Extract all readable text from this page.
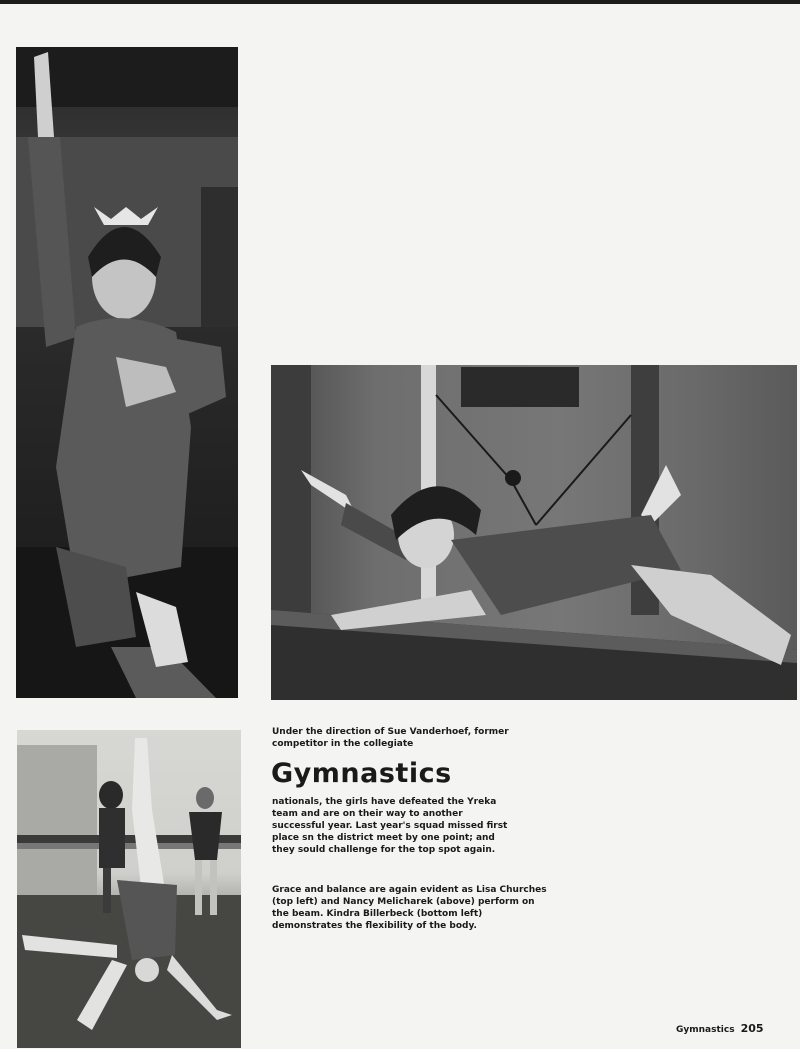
Under the direction of Sue Vanderhoef, former competitor in the collegiate
Gymnastics
nationals, the girls have defeated the Yreka team and are on their way to another successful year. Last year's squad missed first place sn the district meet by one point; and they sould challenge for the top spot again.
Grace and balance are again evident as Lisa Churches (top left) and Nancy Melicharek (above) perform on the beam. Kindra Billerbeck (bottom left) demonstrates the flexibility of the body.
Gymnastics 205
